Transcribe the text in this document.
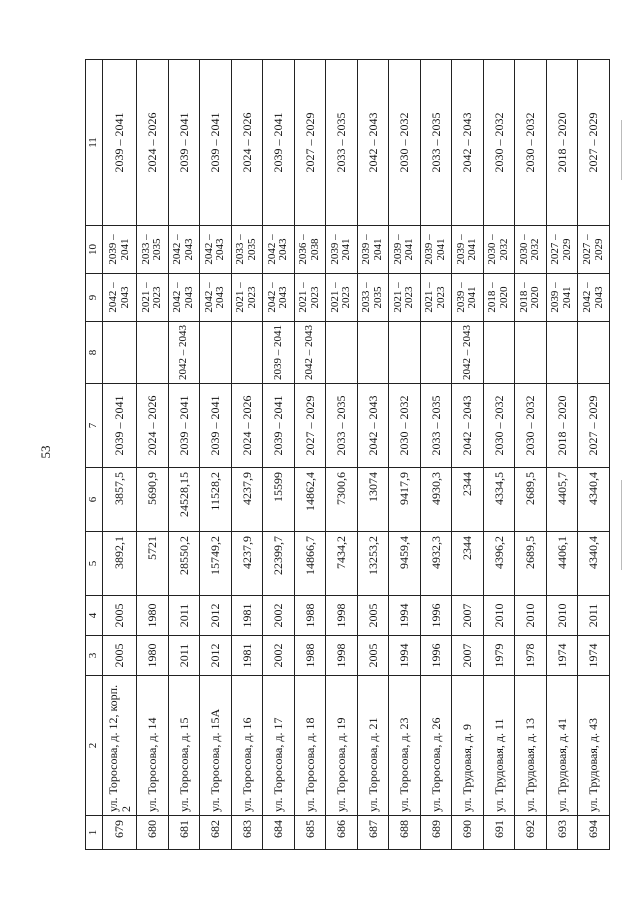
53
1	2	3	4	5	6	7	8	9	10	11
679	ул. Торосова, д. 12, корп. 2	2005	2005	3892,1	3857,5	2039 – 2041		2042 – 2043	2039 – 2041	2039 – 2041
680	ул. Торосова, д. 14	1980	1980	5721	5690,9	2024 – 2026		2021 – 2023	2033 – 2035	2024 – 2026
681	ул. Торосова, д. 15	2011	2011	28550,2	24528,15	2039 – 2041	2042 – 2043	2042 – 2043	2042 – 2043	2039 – 2041
682	ул. Торосова, д. 15А	2012	2012	15749,2	11528,2	2039 – 2041		2042 – 2043	2042 – 2043	2039 – 2041
683	ул. Торосова, д. 16	1981	1981	4237,9	4237,9	2024 – 2026		2021 – 2023	2033 – 2035	2024 – 2026
684	ул. Торосова, д. 17	2002	2002	22399,7	15599	2039 – 2041	2039 – 2041	2042 – 2043	2042 – 2043	2039 – 2041
685	ул. Торосова, д. 18	1988	1988	14866,7	14862,4	2027 – 2029	2042 – 2043	2021 – 2023	2036 – 2038	2027 – 2029
686	ул. Торосова, д. 19	1998	1998	7434,2	7300,6	2033 – 2035		2021 – 2023	2039 – 2041	2033 – 2035
687	ул. Торосова, д. 21	2005	2005	13253,2	13074	2042 – 2043		2033 – 2035	2039 – 2041	2042 – 2043
688	ул. Торосова, д. 23	1994	1994	9459,4	9417,9	2030 – 2032		2021 – 2023	2039 – 2041	2030 – 2032
689	ул. Торосова, д. 26	1996	1996	4932,3	4930,3	2033 – 2035		2021 – 2023	2039 – 2041	2033 – 2035
690	ул. Трудовая, д. 9	2007	2007	2344	2344	2042 – 2043	2042 – 2043	2039 – 2041	2039 – 2041	2042 – 2043
691	ул. Трудовая, д. 11	1979	2010	4396,2	4334,5	2030 – 2032		2018 – 2020	2030 – 2032	2030 – 2032
692	ул. Трудовая, д. 13	1978	2010	2689,5	2689,5	2030 – 2032		2018 – 2020	2030 – 2032	2030 – 2032
693	ул. Трудовая, д. 41	1974	2010	4406,1	4405,7	2018 – 2020		2039 – 2041	2027 – 2029	2018 – 2020
694	ул. Трудовая, д. 43	1974	2011	4340,4	4340,4	2027 – 2029		2042 – 2043	2027 – 2029	2027 – 2029
